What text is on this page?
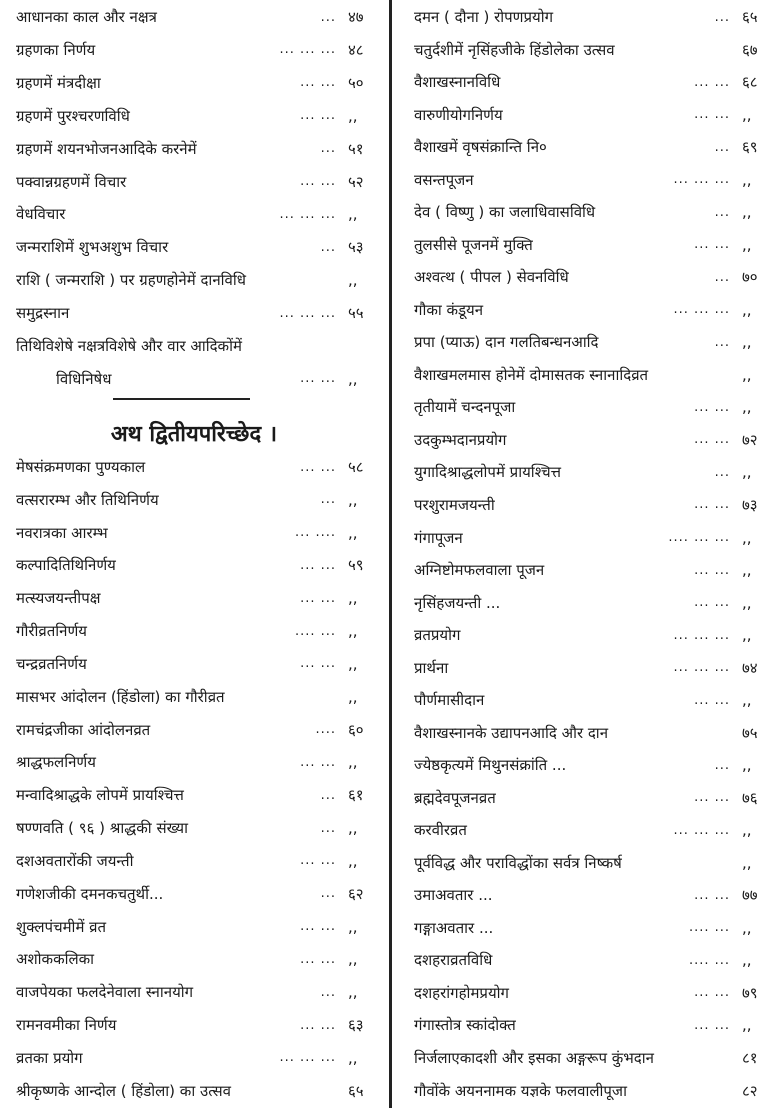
आधानका काल और नक्षत्र	... ४७
ग्रहणका निर्णय	... ... ... ४८
ग्रहणमें मंत्रदीक्षा	... ... ५०
ग्रहणमें पुरश्चरणविधि	... ... ,,
ग्रहणमें शयनभोजनआदिके करनेमें	... ५१
पक्वान्नग्रहणमें विचार	... ... ५२
वेधविचार	... ... ... ,,
जन्मराशिमें शुभअशुभ विचार	... ५३
राशि ( जन्मराशि ) पर ग्रहणहोनेमें दानविधि	,,
समुद्रस्नान	... ... ... ५५
तिथिविशेषे नक्षत्रविशेषे और वार आदिकोंमें
विधिनिषेध	... ... ,,
अथ द्वितीयपरिच्छेद ।
मेषसंक्रमणका पुण्यकाल	... ... ५८
वत्सरारम्भ और तिथिनिर्णय	... ,,
नवरात्रका आरम्भ	... .... ,,
कल्पादितिथिनिर्णय	... ... ५९
मत्स्यजयन्तीपक्ष	... ... ,,
गौरीव्रतनिर्णय	.... ... ,,
चन्द्रव्रतनिर्णय	... ... ,,
मासभर आंदोलन (हिंडोला) का गौरीव्रत	,,
रामचंद्रजीका आंदोलनव्रत	.... ६०
श्राद्धफलनिर्णय	... ... ,,
मन्वादिश्राद्धके लोपमें प्रायश्चित्त	... ६१
षण्णवति ( ९६ ) श्राद्धकी संख्या	... ,,
दशअवतारोंकी जयन्ती	... ... ,,
गणेशजीकी दमनकचतुर्थी...	... ६२
शुक्लपंचमीमें व्रत	... ... ,,
अशोककलिका	... ... ,,
वाजपेयका फलदेनेवाला स्नानयोग	... ,,
रामनवमीका निर्णय	... ... ६३
व्रतका प्रयोग	... ... ... ,,
श्रीकृष्णके आन्दोल ( हिंडोला) का उत्सव	६५
दमन ( दौना ) रोपणप्रयोग	... ६५
चतुर्दशीमें नृसिंहजीके हिंडोलेका उत्सव	६७
वैशाखस्नानविधि	... ... ६८
वारुणीयोगनिर्णय	... ... ,,
वैशाखमें वृषसंक्रान्ति नि०	... ६९
वसन्तपूजन	... ... ... ,,
देव ( विष्णु ) का जलाधिवासविधि	... ,,
तुलसीसे पूजनमें मुक्ति	... ... ,,
अश्वत्थ ( पीपल ) सेवनविधि	... ७०
गौका कंडूयन	... ... ... ,,
प्रपा (प्याऊ) दान गलतिबन्धनआदि	... ,,
वैशाखमलमास होनेमें दोमासतक स्नानादिव्रत	,,
तृतीयामें चन्दनपूजा	... ... ,,
उदकुम्भदानप्रयोग	... ... ७२
युगादिश्राद्धलोपमें प्रायश्चित्त	... ,,
परशुरामजयन्ती	... ... ७३
गंगापूजन	.... ... ... ,,
अग्निष्टोमफलवाला पूजन	... ... ,,
नृसिंहजयन्ती ...	... ... ,,
व्रतप्रयोग	... ... ... ,,
प्रार्थना	... ... ... ७४
पौर्णमासीदान	... ... ,,
वैशाखस्नानके उद्यापनआदि और दान	७५
ज्येष्ठकृत्यमें मिथुनसंक्रांति ...	... ,,
ब्रह्मदेवपूजनव्रत	... ... ७६
करवीरव्रत	... ... ... ,,
पूर्वविद्ध और पराविद्धोंका सर्वत्र निष्कर्ष	,,
उमाअवतार ...	... ... ७७
गङ्गाअवतार ...	.... ... ,,
दशहराव्रतविधि	.... ... ,,
दशहरांगहोमप्रयोग	... ... ७९
गंगास्तोत्र स्कांदोक्त	... ... ,,
निर्जलाएकादशी और इसका अङ्गरूप कुंभदान	८१
गौवोंके अयननामक यज्ञके फलवालीपूजा	८२
